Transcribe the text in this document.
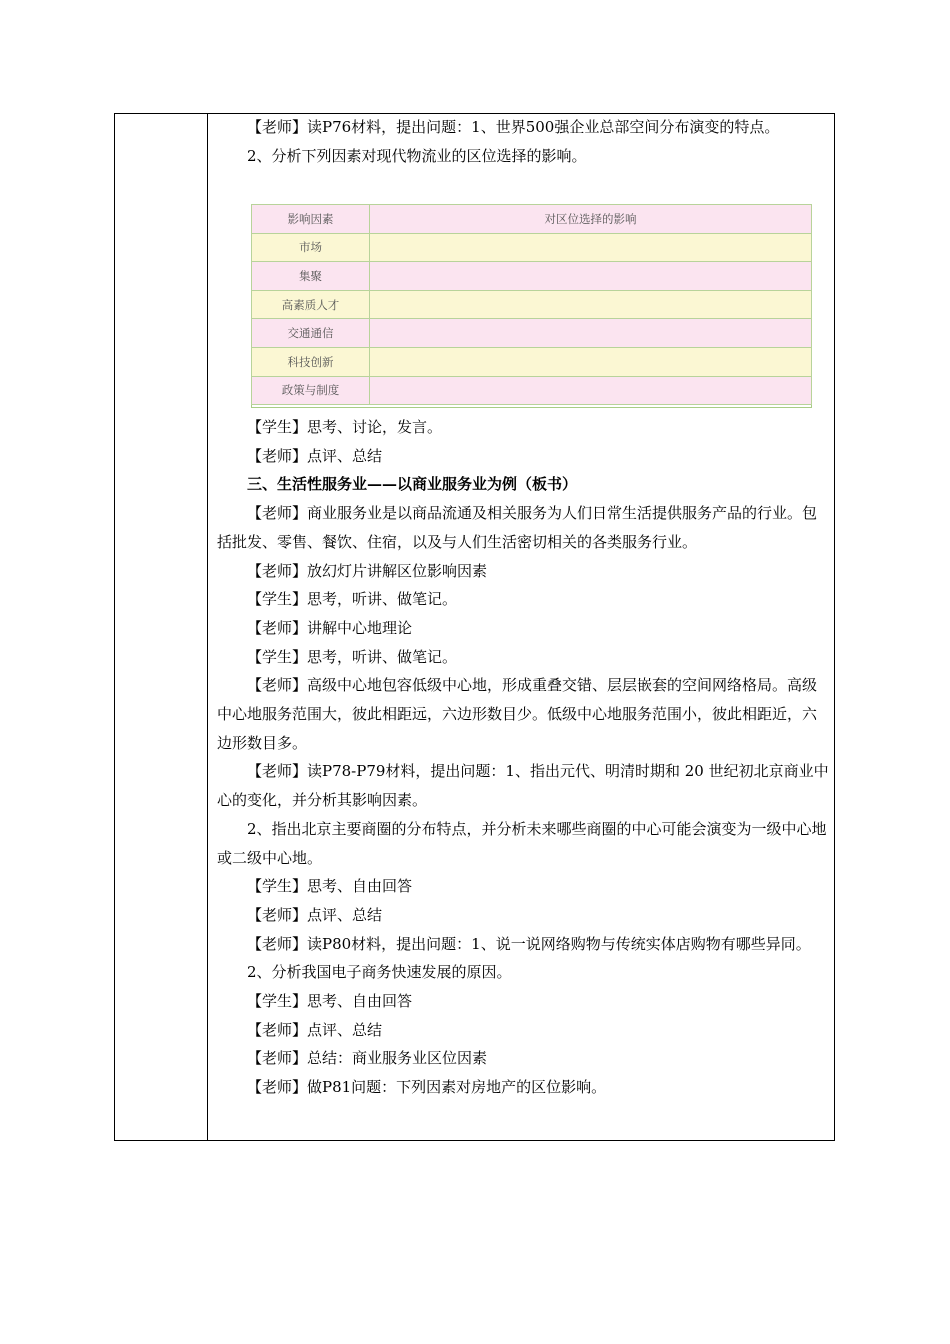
【老师】读P76材料，提出问题：1、世界500强企业总部空间分布演变的特点。

2、分析下列因素对现代物流业的区位选择的影响。

影响因素	对区位选择的影响
市场	
集聚	
高素质人才	
交通通信	
科技创新	
政策与制度	

【学生】思考、讨论，发言。

【老师】点评、总结

三、生活性服务业——以商业服务业为例（板书）

【老师】商业服务业是以商品流通及相关服务为人们日常生活提供服务产品的行业。包括批发、零售、餐饮、住宿，以及与人们生活密切相关的各类服务行业。

【老师】放幻灯片讲解区位影响因素

【学生】思考，听讲、做笔记。

【老师】讲解中心地理论

【学生】思考，听讲、做笔记。

【老师】高级中心地包容低级中心地，形成重叠交错、层层嵌套的空间网络格局。高级中心地服务范围大，彼此相距远，六边形数目少。低级中心地服务范围小，彼此相距近，六边形数目多。

【老师】读P78-P79材料，提出问题：1、指出元代、明清时期和 20 世纪初北京商业中心的变化，并分析其影响因素。

2、指出北京主要商圈的分布特点，并分析未来哪些商圈的中心可能会演变为一级中心地或二级中心地。

【学生】思考、自由回答

【老师】点评、总结

【老师】读P80材料，提出问题：1、说一说网络购物与传统实体店购物有哪些异同。

2、分析我国电子商务快速发展的原因。

【学生】思考、自由回答

【老师】点评、总结

【老师】总结：商业服务业区位因素

【老师】做P81问题：下列因素对房地产的区位影响。
